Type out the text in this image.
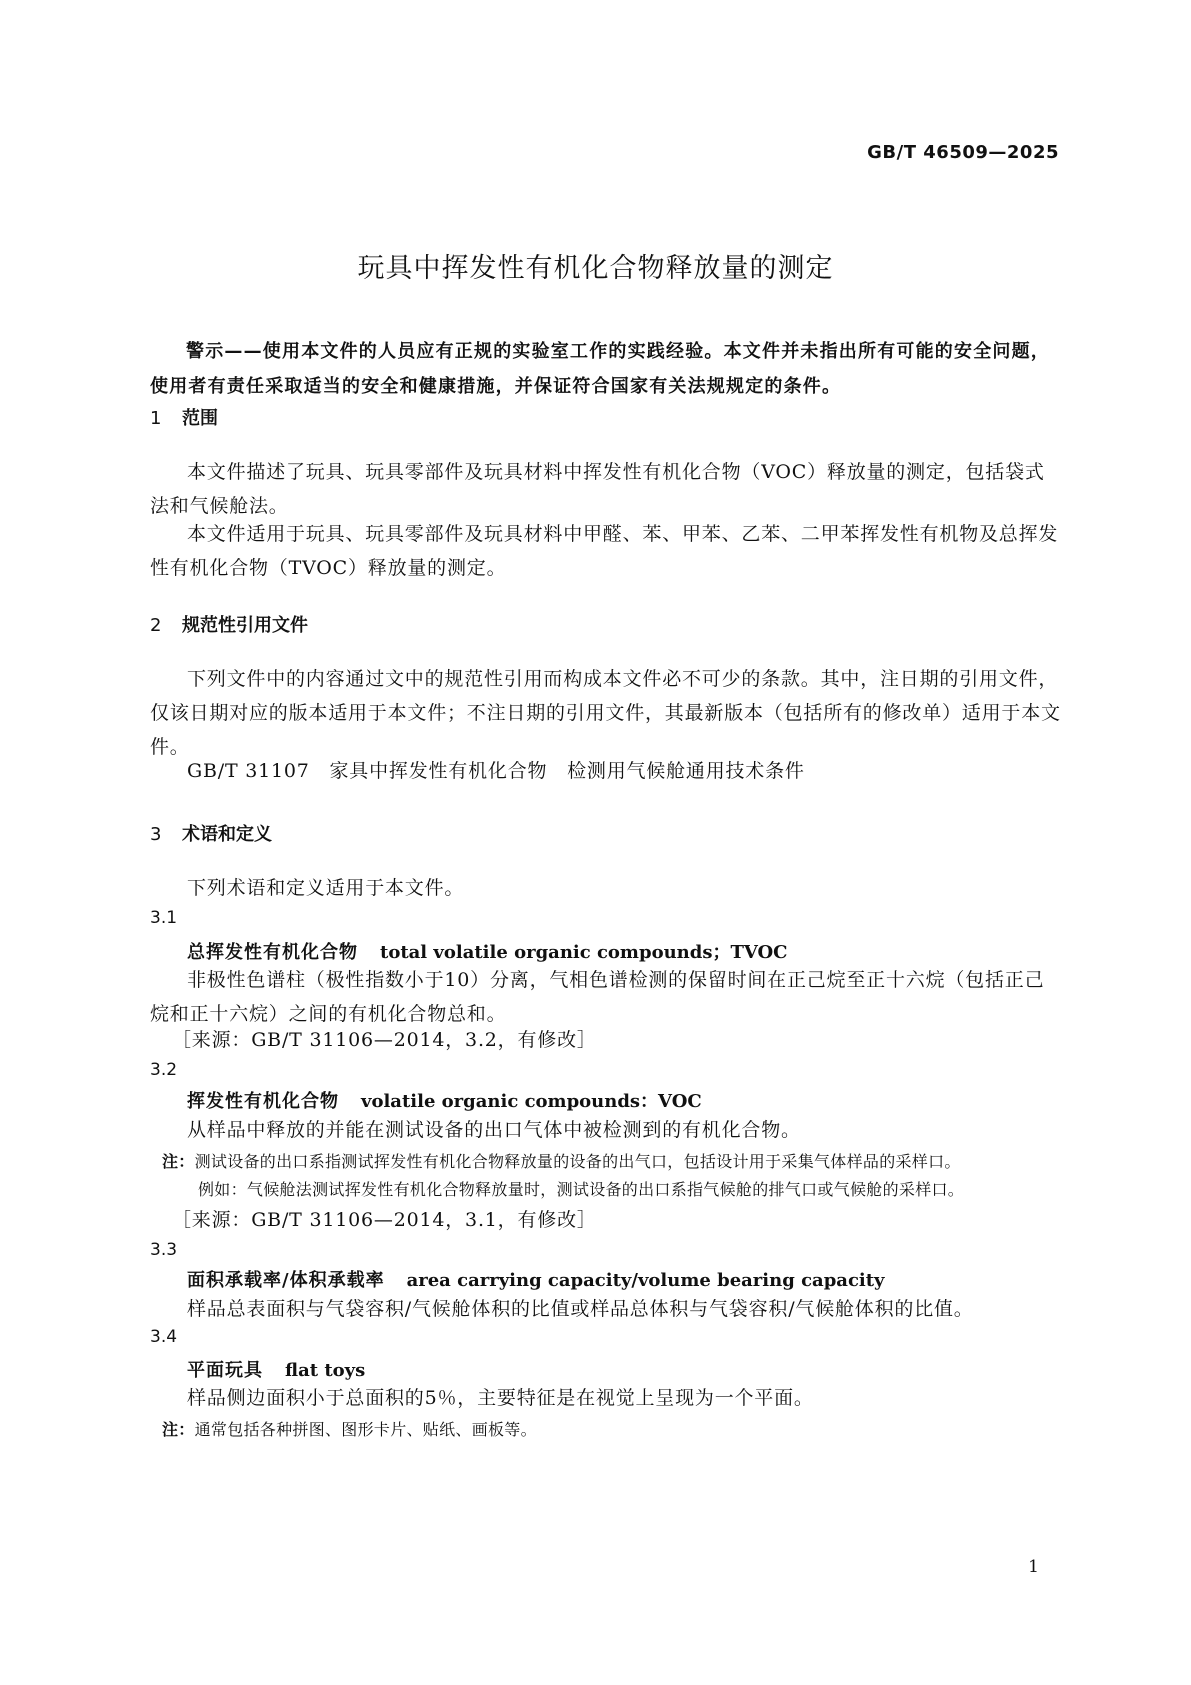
GB/T 46509—2025
玩具中挥发性有机化合物释放量的测定
警示——使用本文件的人员应有正规的实验室工作的实践经验。本文件并未指出所有可能的安全问题，使用者有责任采取适当的安全和健康措施，并保证符合国家有关法规规定的条件。
1 范围
本文件描述了玩具、玩具零部件及玩具材料中挥发性有机化合物（VOC）释放量的测定，包括袋式法和气候舱法。
本文件适用于玩具、玩具零部件及玩具材料中甲醛、苯、甲苯、乙苯、二甲苯挥发性有机物及总挥发性有机化合物（TVOC）释放量的测定。
2 规范性引用文件
下列文件中的内容通过文中的规范性引用而构成本文件必不可少的条款。其中，注日期的引用文件，仅该日期对应的版本适用于本文件；不注日期的引用文件，其最新版本（包括所有的修改单）适用于本文件。
GB/T 31107　家具中挥发性有机化合物　检测用气候舱通用技术条件
3 术语和定义
下列术语和定义适用于本文件。
3.1
总挥发性有机化合物 total volatile organic compounds；TVOC
非极性色谱柱（极性指数小于10）分离，气相色谱检测的保留时间在正己烷至正十六烷（包括正己烷和正十六烷）之间的有机化合物总和。
［来源：GB/T 31106—2014，3.2，有修改］
3.2
挥发性有机化合物 volatile organic compounds：VOC
从样品中释放的并能在测试设备的出口气体中被检测到的有机化合物。
注：测试设备的出口系指测试挥发性有机化合物释放量的设备的出气口，包括设计用于采集气体样品的采样口。
例如：气候舱法测试挥发性有机化合物释放量时，测试设备的出口系指气候舱的排气口或气候舱的采样口。
［来源：GB/T 31106—2014，3.1，有修改］
3.3
面积承载率/体积承载率 area carrying capacity/volume bearing capacity
样品总表面积与气袋容积/气候舱体积的比值或样品总体积与气袋容积/气候舱体积的比值。
3.4
平面玩具 flat toys
样品侧边面积小于总面积的5％，主要特征是在视觉上呈现为一个平面。
注：通常包括各种拼图、图形卡片、贴纸、画板等。
1
